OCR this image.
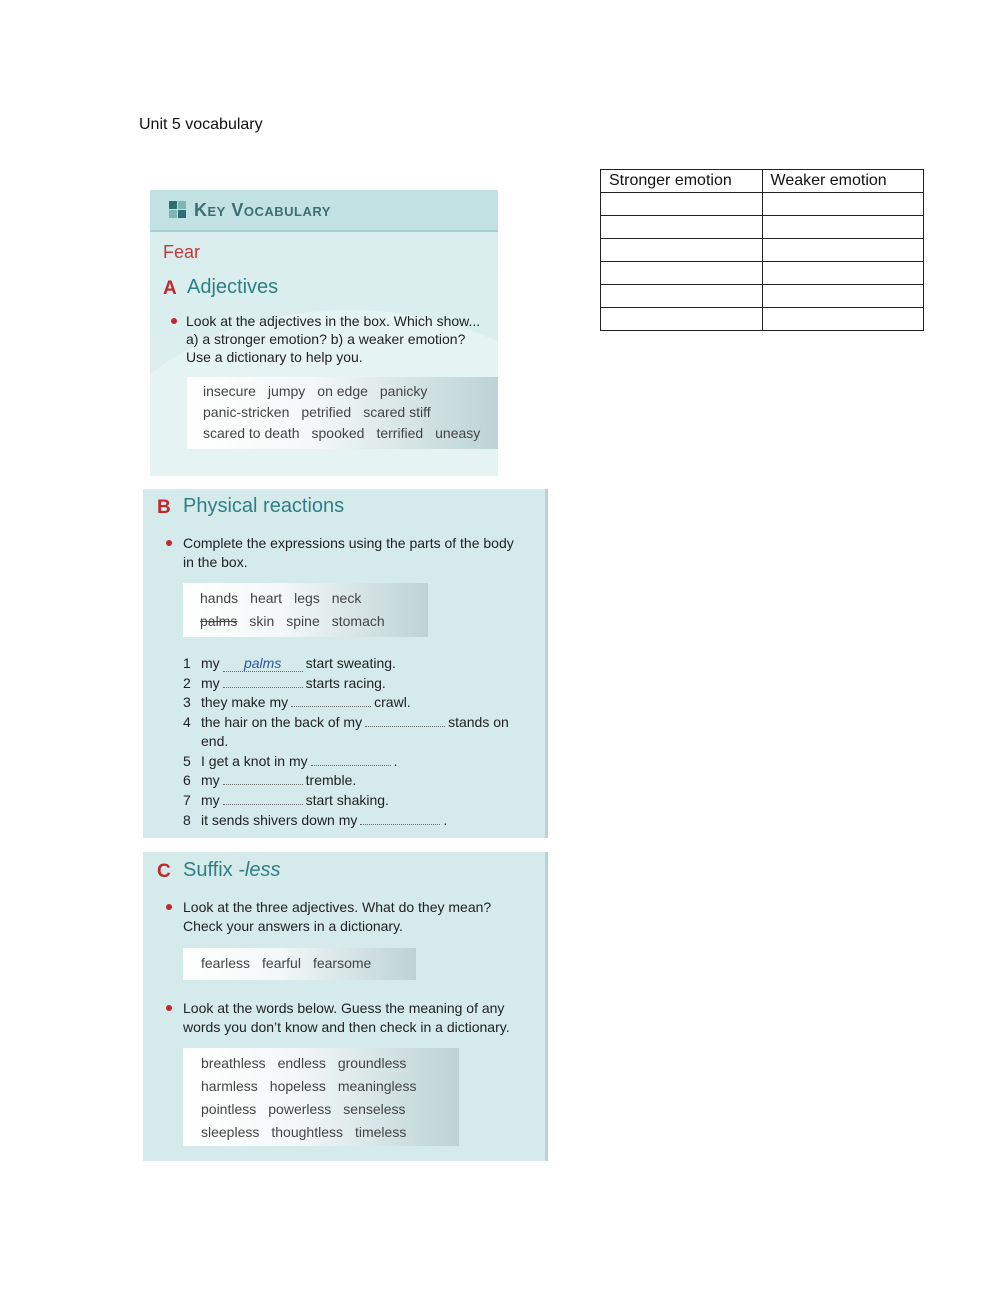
Unit 5 vocabulary
Stronger emotion	Weaker emotion

Key Vocabulary
Fear
A Adjectives
Look at the adjectives in the box. Which show...
a) a stronger emotion? b) a weaker emotion?
Use a dictionary to help you.
insecure jumpy on edge panicky
panic-stricken petrified scared stiff
scared to death spooked terrified uneasy
B Physical reactions
Complete the expressions using the parts of the body
in the box.
hands heart legs neck
palms skin spine stomach
1 my palms start sweating.
2 my	starts racing.
3 they make my	crawl.
4 the hair on the back of my	stands on
end.
5 I get a knot in my	.
6 my	tremble.
7 my	start shaking.
8 it sends shivers down my	.
C Suffix -less
Look at the three adjectives. What do they mean?
Check your answers in a dictionary.
fearless fearful fearsome
Look at the words below. Guess the meaning of any
words you don’t know and then check in a dictionary.
breathless endless groundless
harmless hopeless meaningless
pointless powerless senseless
sleepless thoughtless timeless
